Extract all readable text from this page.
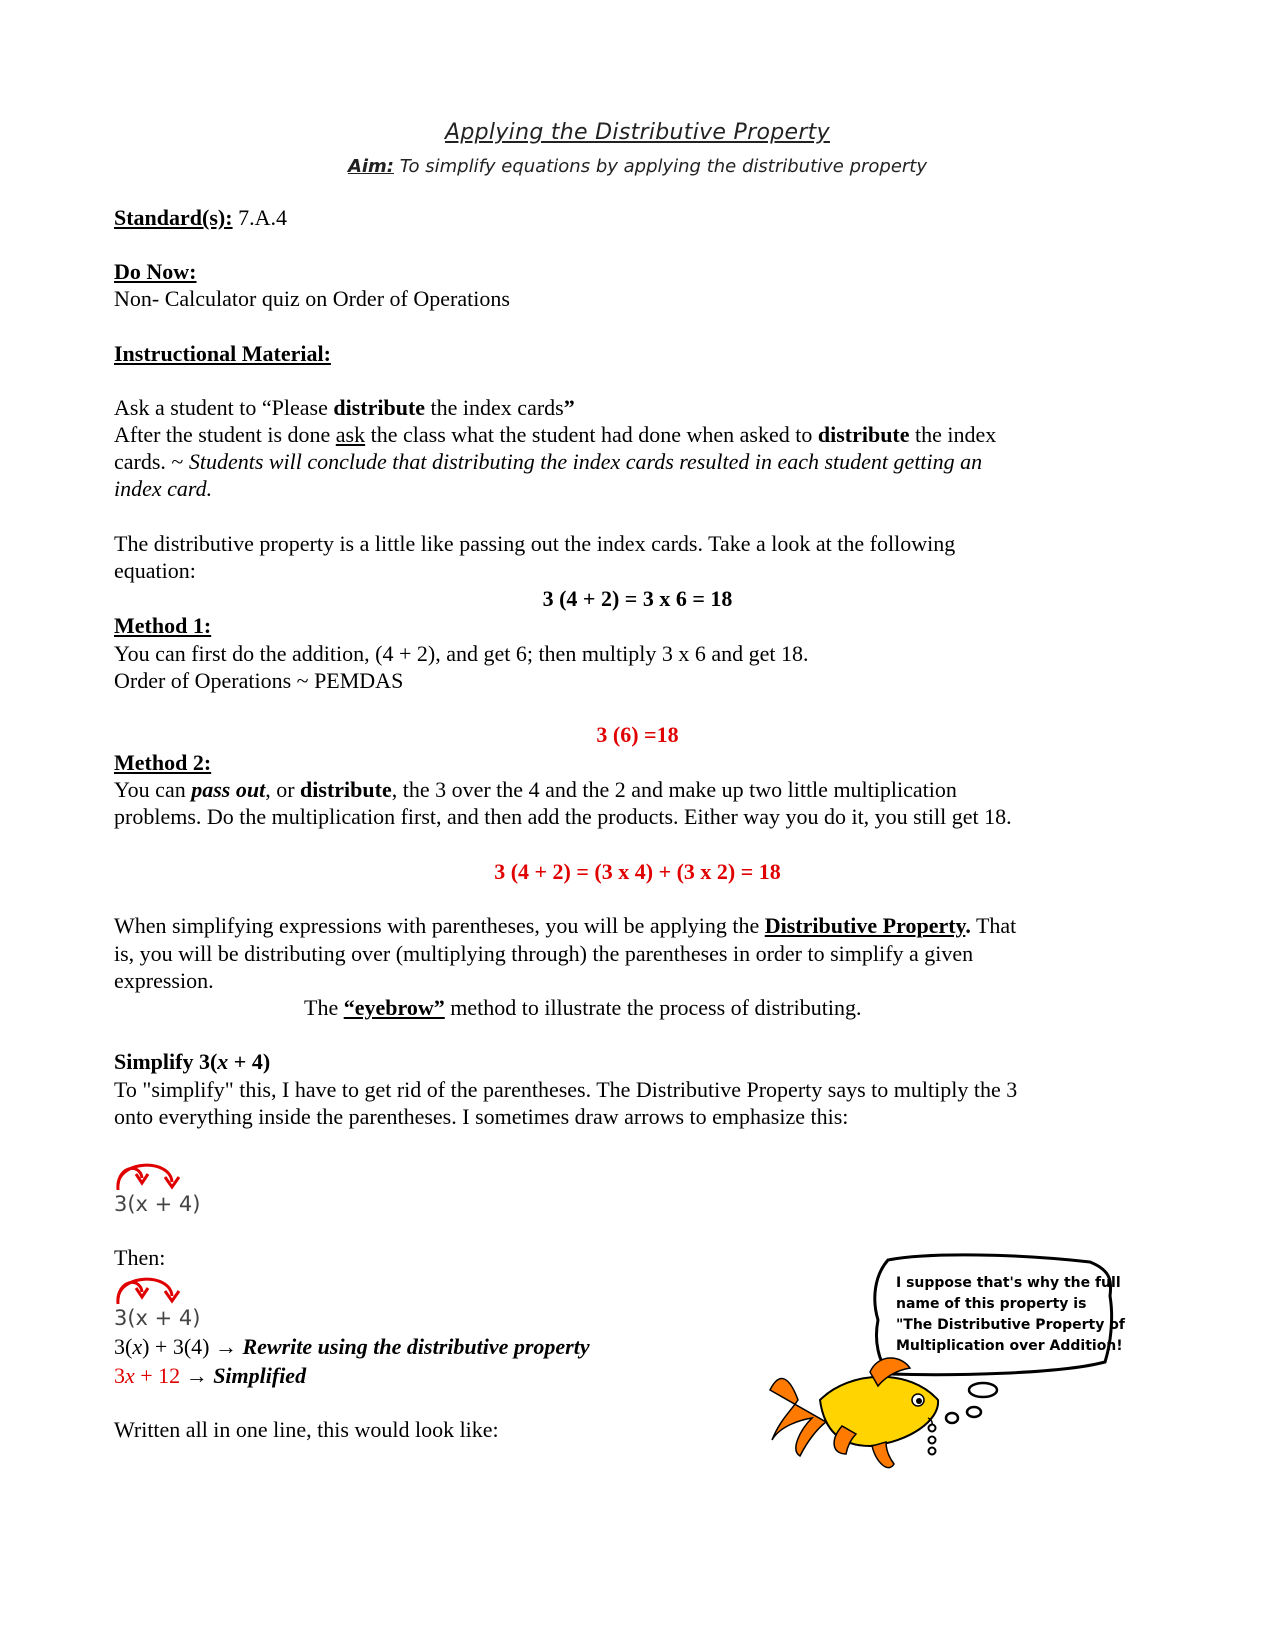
Applying the Distributive Property
Aim: To simplify equations by applying the distributive property
Standard(s): 7.A.4
Do Now:
Non- Calculator quiz on Order of Operations
Instructional Material:
Ask a student to “Please distribute the index cards”
After the student is done ask the class what the student had done when asked to distribute the index
cards. ~ Students will conclude that distributing the index cards resulted in each student getting an
index card.
The distributive property is a little like passing out the index cards. Take a look at the following
equation:
3 (4 + 2) = 3 x 6 = 18
Method 1:
You can first do the addition, (4 + 2), and get 6; then multiply 3 x 6 and get 18.
Order of Operations ~ PEMDAS
3 (6) =18
Method 2:
You can pass out, or distribute, the 3 over the 4 and the 2 and make up two little multiplication
problems. Do the multiplication first, and then add the products. Either way you do it, you still get 18.
3 (4 + 2) = (3 x 4) + (3 x 2) = 18
When simplifying expressions with parentheses, you will be applying the Distributive Property. That
is, you will be distributing over (multiplying through) the parentheses in order to simplify a given
expression.
The “eyebrow” method to illustrate the process of distributing.
Simplify 3(x + 4)
To "simplify" this, I have to get rid of the parentheses. The Distributive Property says to multiply the 3
onto everything inside the parentheses. I sometimes draw arrows to emphasize this:
3(x + 4)
Then:
3(x + 4)
3(x) + 3(4) → Rewrite using the distributive property
3x + 12 → Simplified
Written all in one line, this would look like:
I suppose that's why the full
name of this property is
"The Distributive Property of
Multiplication over Addition!
